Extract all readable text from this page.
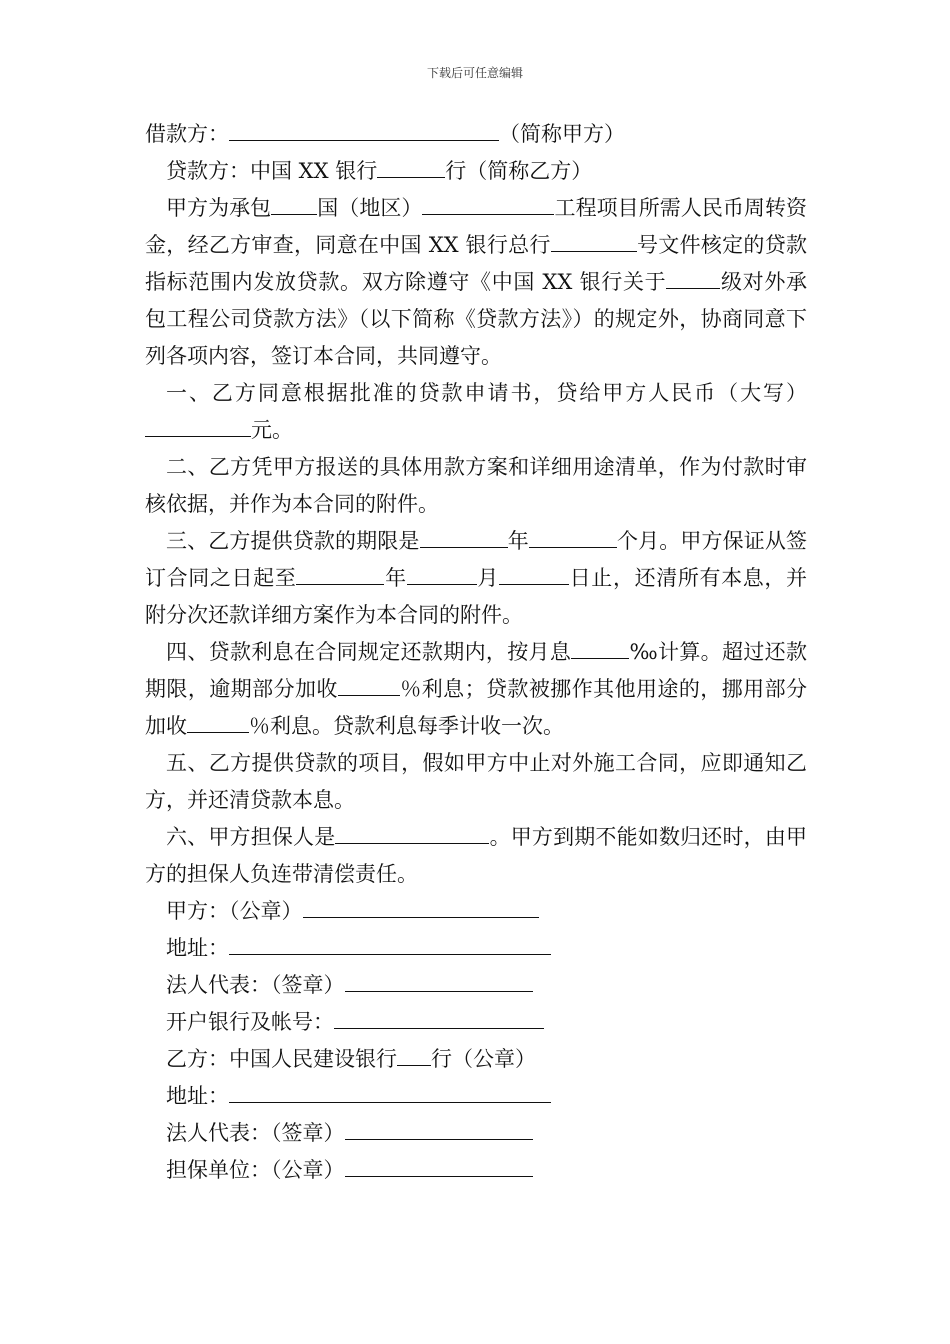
下载后可任意编辑

借款方：	（简称甲方）

贷款方：中国 XX 银行	行（简称乙方）

甲方为承包 国（地区）	工程项目所需人民币周转资金，经乙方审查，同意在中国 XX 银行总行	号文件核定的贷款指标范围内发放贷款。双方除遵守《中国 XX 银行关于	级对外承包工程公司贷款方法》（以下简称《贷款方法》）的规定外，协商同意下列各项内容，签订本合同，共同遵守。

一、乙方同意根据批准的贷款申请书，贷给甲方人民币（大写）元。

二、乙方凭甲方报送的具体用款方案和详细用途清单，作为付款时审核依据，并作为本合同的附件。

三、乙方提供贷款的期限是	年	个月。甲方保证从签订合同之日起至	年	月	日止，还清所有本息，并附分次还款详细方案作为本合同的附件。

四、贷款利息在合同规定还款期内，按月息	‰计算。超过还款期限，逾期部分加收	％利息；贷款被挪作其他用途的，挪用部分加收	％利息。贷款利息每季计收一次。

五、乙方提供贷款的项目，假如甲方中止对外施工合同，应即通知乙方，并还清贷款本息。

六、甲方担保人是	。甲方到期不能如数归还时，由甲方的担保人负连带清偿责任。

甲方：（公章）
地址：
法人代表：（签章）
开户银行及帐号：
乙方：中国人民建设银行 行（公章）
地址：
法人代表：（签章）
担保单位：（公章）
